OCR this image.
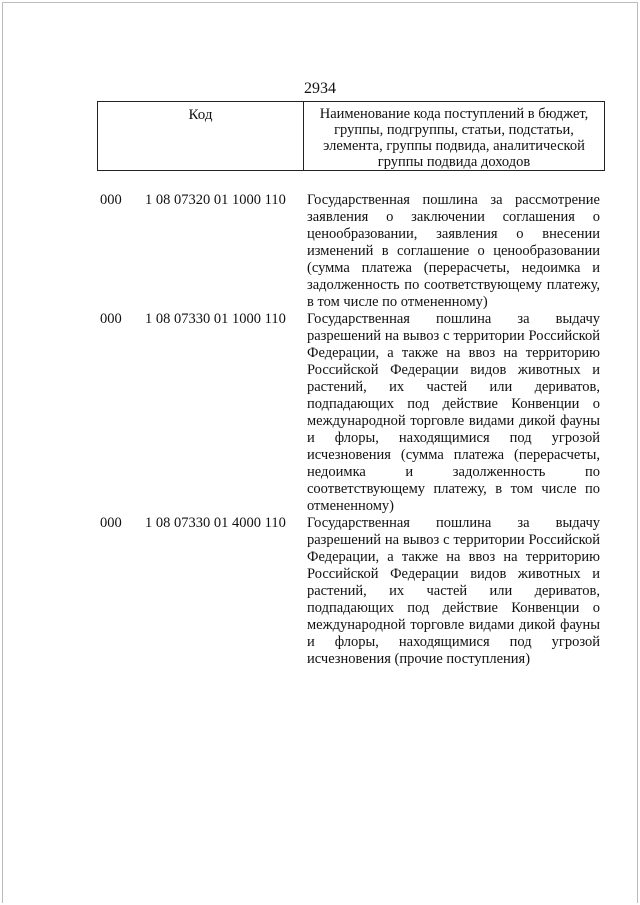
2934
Код	Наименование кода поступлений в бюджет, группы, подгруппы, статьи, подстатьи, элемента, группы подвида, аналитической группы подвида доходов
000	1 08 07320 01 1000 110	Государственная пошлина за рассмотрение заявления о заключении соглашения о ценообразовании, заявления о внесении изменений в соглашение о ценообразовании (сумма платежа (перерасчеты, недоимка и задолженность по соответствующему платежу, в том числе по отмененному)
000	1 08 07330 01 1000 110	Государственная пошлина за выдачу разрешений на вывоз с территории Российской Федерации, а также на ввоз на территорию Российской Федерации видов животных и растений, их частей или дериватов, подпадающих под действие Конвенции о международной торговле видами дикой фауны и флоры, находящимися под угрозой исчезновения (сумма платежа (перерасчеты, недоимка и задолженность по соответствующему платежу, в том числе по отмененному)
000	1 08 07330 01 4000 110	Государственная пошлина за выдачу разрешений на вывоз с территории Российской Федерации, а также на ввоз на территорию Российской Федерации видов животных и растений, их частей или дериватов, подпадающих под действие Конвенции о международной торговле видами дикой фауны и флоры, находящимися под угрозой исчезновения (прочие поступления)
